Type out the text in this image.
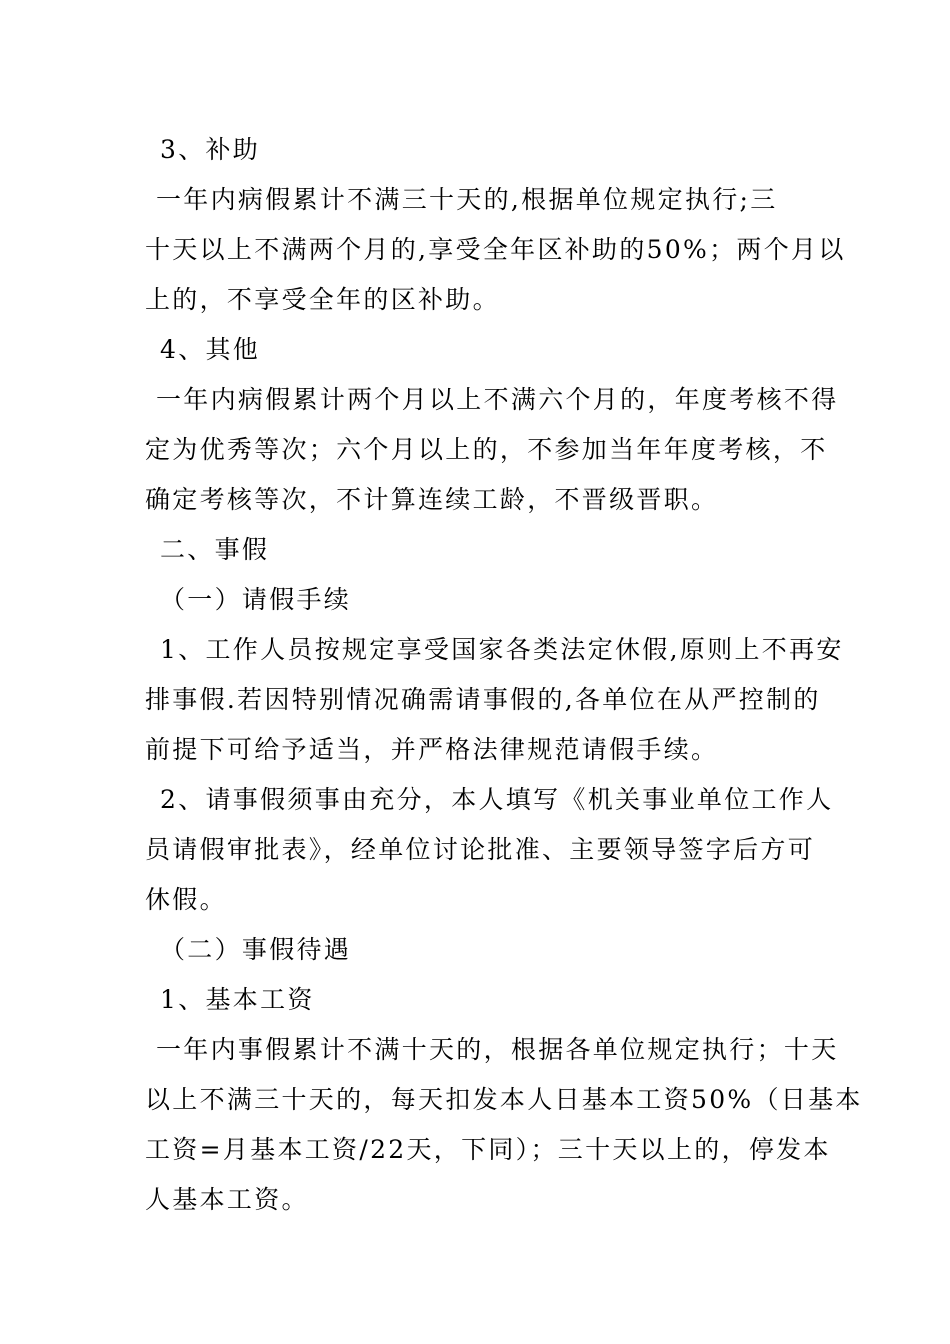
3、补助
一年内病假累计不满三十天的,根据单位规定执行;三
十天以上不满两个月的,享受全年区补助的50%；两个月以
上的，不享受全年的区补助。
4、其他
一年内病假累计两个月以上不满六个月的，年度考核不得
定为优秀等次；六个月以上的，不参加当年年度考核，不
确定考核等次，不计算连续工龄，不晋级晋职。
二、事假
（一）请假手续
1、工作人员按规定享受国家各类法定休假,原则上不再安
排事假.若因特别情况确需请事假的,各单位在从严控制的
前提下可给予适当，并严格法律规范请假手续。
2、请事假须事由充分，本人填写《机关事业单位工作人
员请假审批表》，经单位讨论批准、主要领导签字后方可
休假。
（二）事假待遇
1、基本工资
一年内事假累计不满十天的，根据各单位规定执行；十天
以上不满三十天的，每天扣发本人日基本工资50%（日基本
工资=月基本工资/22天，下同）；三十天以上的，停发本
人基本工资。
